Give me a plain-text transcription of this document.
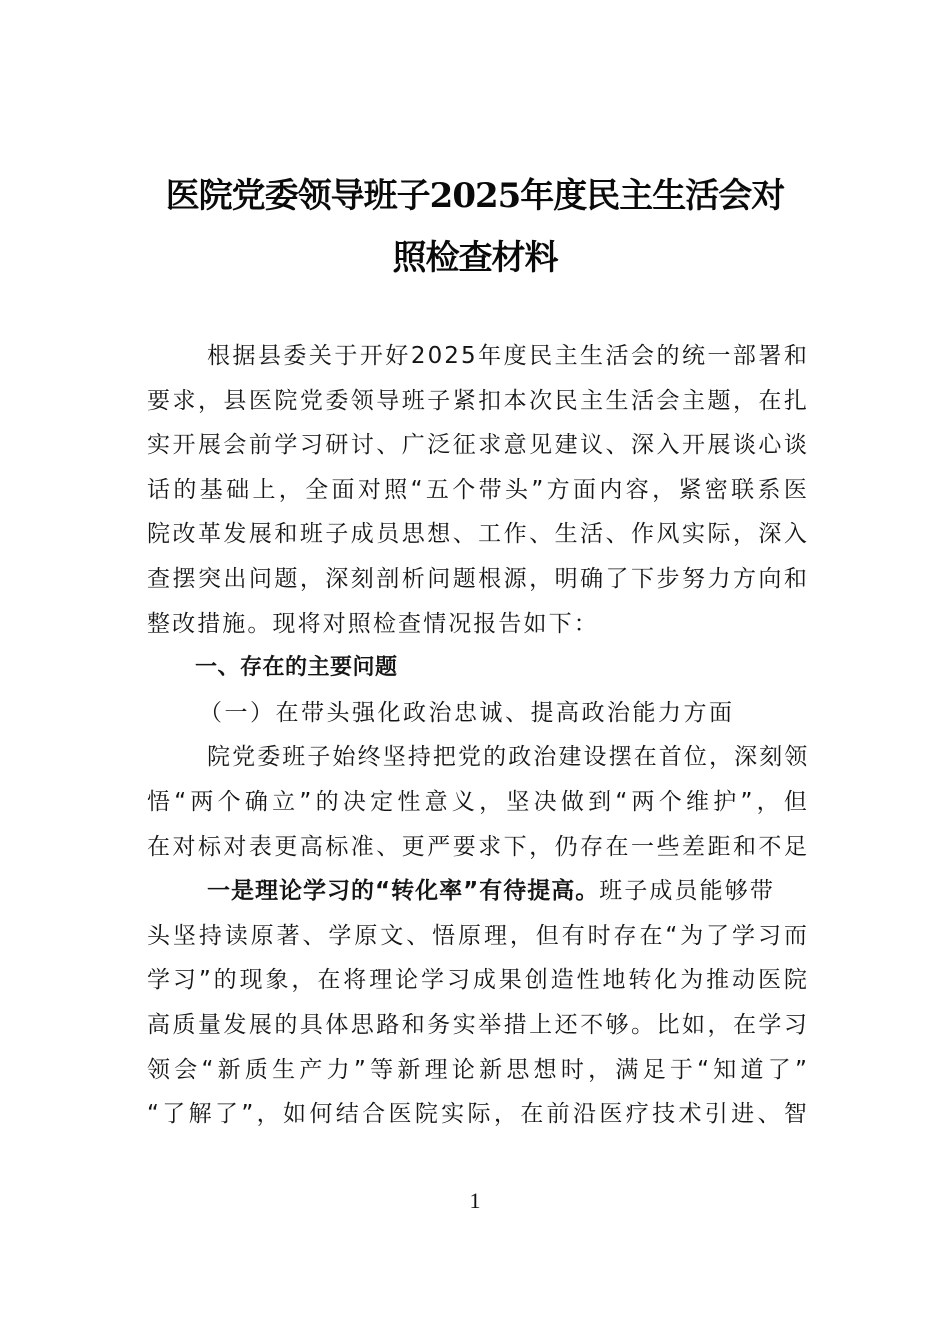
医院党委领导班子2025年度民主生活会对
照检查材料
根据县委关于开好2025年度民主生活会的统一部署和
要求，县医院党委领导班子紧扣本次民主生活会主题，在扎
实开展会前学习研讨、广泛征求意见建议、深入开展谈心谈
话的基础上，全面对照“五个带头”方面内容，紧密联系医
院改革发展和班子成员思想、工作、生活、作风实际，深入
查摆突出问题，深刻剖析问题根源，明确了下步努力方向和
整改措施。现将对照检查情况报告如下：
一、存在的主要问题
（一）在带头强化政治忠诚、提高政治能力方面
院党委班子始终坚持把党的政治建设摆在首位，深刻领
悟“两个确立”的决定性意义，坚决做到“两个维护”，但
在对标对表更高标准、更严要求下，仍存在一些差距和不足
一是理论学习的“转化率”有待提高。班子成员能够带
头坚持读原著、学原文、悟原理，但有时存在“为了学习而
学习”的现象，在将理论学习成果创造性地转化为推动医院
高质量发展的具体思路和务实举措上还不够。比如，在学习
领会“新质生产力”等新理论新思想时，满足于“知道了”
“了解了”，如何结合医院实际，在前沿医疗技术引进、智
1
